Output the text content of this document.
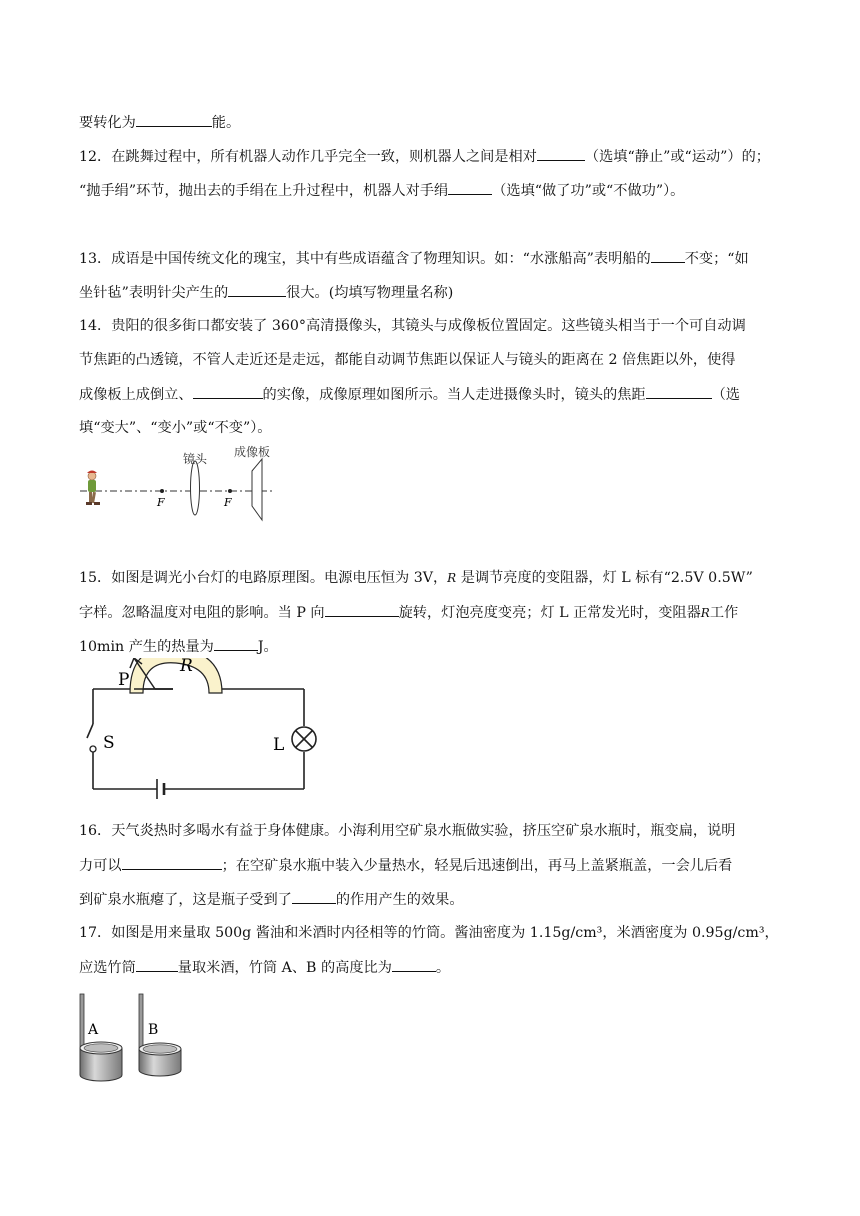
要转化为	能。
12．在跳舞过程中，所有机器人动作几乎完全一致，则机器人之间是相对	（选填“静止”或“运动”）的；
“抛手绢”环节，抛出去的手绢在上升过程中，机器人对手绢	（选填“做了功”或“不做功”）。
13．成语是中国传统文化的瑰宝，其中有些成语蕴含了物理知识。如：“水涨船高”表明船的 不变；“如
坐针毡”表明针尖产生的	很大。(均填写物理量名称)
14．贵阳的很多街口都安装了 360°高清摄像头，其镜头与成像板位置固定。这些镜头相当于一个可自动调
节焦距的凸透镜，不管人走近还是走远，都能自动调节焦距以保证人与镜头的距离在 2 倍焦距以外，使得
成像板上成倒立、	的实像，成像原理如图所示。当人走进摄像头时，镜头的焦距	（选
填“变大”、“变小”或“不变”）。
F	F
镜头 成像板
15．如图是调光小台灯的电路原理图。电源电压恒为 3V，R 是调节亮度的变阻器，灯 L 标有“2.5V 0.5W”
字样。忽略温度对电阻的影响。当 P 向	旋转，灯泡亮度变亮；灯 L 正常发光时，变阻器R工作
10min 产生的热量为	J。
S	L
P
R
16．天气炎热时多喝水有益于身体健康。小海利用空矿泉水瓶做实验，挤压空矿泉水瓶时，瓶变扁，说明
力可以	；在空矿泉水瓶中装入少量热水，轻晃后迅速倒出，再马上盖紧瓶盖，一会儿后看
到矿泉水瓶瘪了，这是瓶子受到了	的作用产生的效果。
17．如图是用来量取 500g 酱油和米酒时内径相等的竹筒。酱油密度为 1.15g/cm³，米酒密度为 0.95g/cm³，
应选竹筒	量取米酒，竹筒 A、B 的高度比为	。
A	B
